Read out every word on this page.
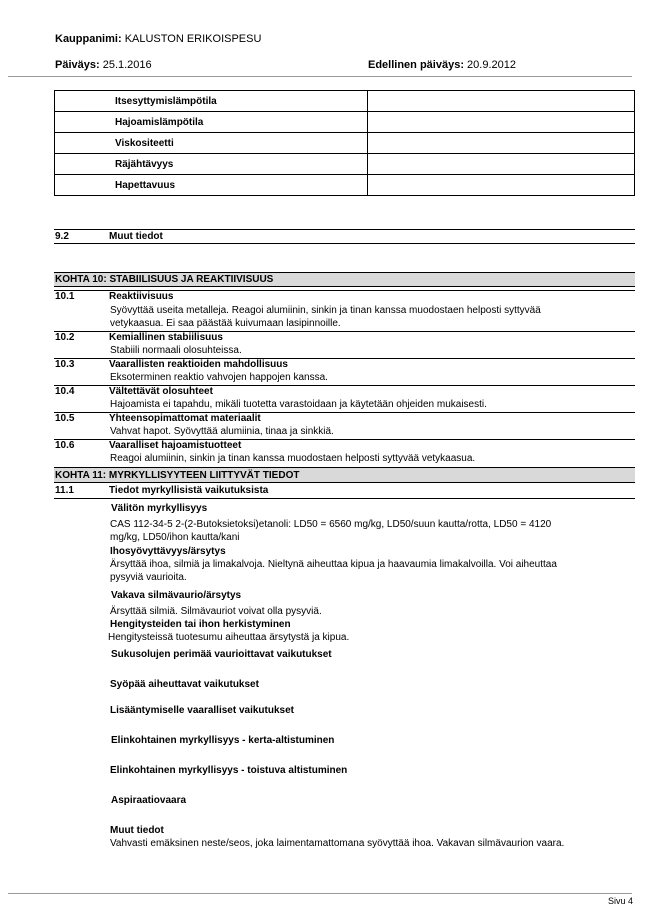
Kauppanimi: KALUSTON ERIKOISPESU
Päiväys: 25.1.2016	Edellinen päiväys: 20.9.2012
Itsesyttymislämpötila	
Hajoamislämpötila	
Viskositeetti	
Räjähtävyys	
Hapettavuus	
9.2	Muut tiedot
KOHTA 10: STABIILISUUS JA REAKTIIVISUUS
10.1	Reaktiivisuus
Syövyttää useita metalleja. Reagoi alumiinin, sinkin ja tinan kanssa muodostaen helposti syttyvää
vetykaasua. Ei saa päästää kuivumaan lasipinnoille.
10.2	Kemiallinen stabiilisuus
Stabiili normaali olosuhteissa.
10.3	Vaarallisten reaktioiden mahdollisuus
Eksoterminen reaktio vahvojen happojen kanssa.
10.4	Vältettävät olosuhteet
Hajoamista ei tapahdu, mikäli tuotetta varastoidaan ja käytetään ohjeiden mukaisesti.
10.5	Yhteensopimattomat materiaalit
Vahvat hapot. Syövyttää alumiinia, tinaa ja sinkkiä.
10.6	Vaaralliset hajoamistuotteet
Reagoi alumiinin, sinkin ja tinan kanssa muodostaen helposti syttyvää vetykaasua.
KOHTA 11: MYRKYLLISYYTEEN LIITTYVÄT TIEDOT
11.1	Tiedot myrkyllisistä vaikutuksista
Välitön myrkyllisyys
CAS 112-34-5 2-(2-Butoksietoksi)etanoli: LD50 = 6560 mg/kg, LD50/suun kautta/rotta, LD50 = 4120
mg/kg, LD50/ihon kautta/kani
Ihosyövyttävyys/ärsytys
Ärsyttää ihoa, silmiä ja limakalvoja. Nieltynä aiheuttaa kipua ja haavaumia limakalvoilla. Voi aiheuttaa
pysyviä vaurioita.
Vakava silmävaurio/ärsytys
Ärsyttää silmiä. Silmävauriot voivat olla pysyviä.
Hengitysteiden tai ihon herkistyminen
Hengitysteissä tuotesumu aiheuttaa ärsytystä ja kipua.
Sukusolujen perimää vaurioittavat vaikutukset
Syöpää aiheuttavat vaikutukset
Lisääntymiselle vaaralliset vaikutukset
Elinkohtainen myrkyllisyys - kerta-altistuminen
Elinkohtainen myrkyllisyys - toistuva altistuminen
Aspiraatiovaara
Muut tiedot
Vahvasti emäksinen neste/seos, joka laimentamattomana syövyttää ihoa. Vakavan silmävaurion vaara.
Sivu 4
